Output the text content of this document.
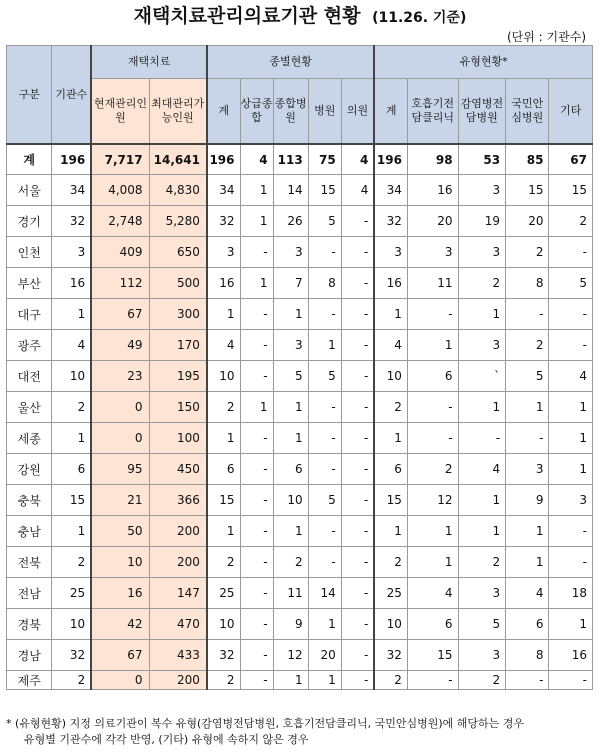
재택치료관리의료기관 현황 (11.26. 기준)
(단위 : 기관수)
구분	기관수	재택치료		종별현황					유형현황*				
		현재관리인원	최대관리가능인원	계	상급종합	종합병원	병원	의원	계	호흡기전담클리닉	감염병전담병원	국민안심병원	기타
계	196	7,717	14,641	196	4	113	75	4	196	98	53	85	67
서울	34	4,008	4,830	34	1	14	15	4	34	16	3	15	15
경기	32	2,748	5,280	32	1	26	5	-	32	20	19	20	2
인천	3	409	650	3	-	3	-	-	3	3	3	2	-
부산	16	112	500	16	1	7	8	-	16	11	2	8	5
대구	1	67	300	1	-	1	-	-	1	-	1	-	-
광주	4	49	170	4	-	3	1	-	4	1	3	2	-
대전	10	23	195	10	-	5	5	-	10	6	`	5	4
울산	2	0	150	2	1	1	-	-	2	-	1	1	1
세종	1	0	100	1	-	1	-	-	1	-	-	-	1
강원	6	95	450	6	-	6	-	-	6	2	4	3	1
충북	15	21	366	15	-	10	5	-	15	12	1	9	3
충남	1	50	200	1	-	1	-	-	1	1	1	1	-
전북	2	10	200	2	-	2	-	-	2	1	2	1	-
전남	25	16	147	25	-	11	14	-	25	4	3	4	18
경북	10	42	470	10	-	9	1	-	10	6	5	6	1
경남	32	67	433	32	-	12	20	-	32	15	3	8	16
제주	2	0	200	2	-	1	1	-	2	-	2	-	-
* (유형현황) 지정 의료기관이 복수 유형(감염병전담병원, 호흡기전담클리닉, 국민안심병원)에 해당하는 경우
유형별 기관수에 각각 반영, (기타) 유형에 속하지 않은 경우
